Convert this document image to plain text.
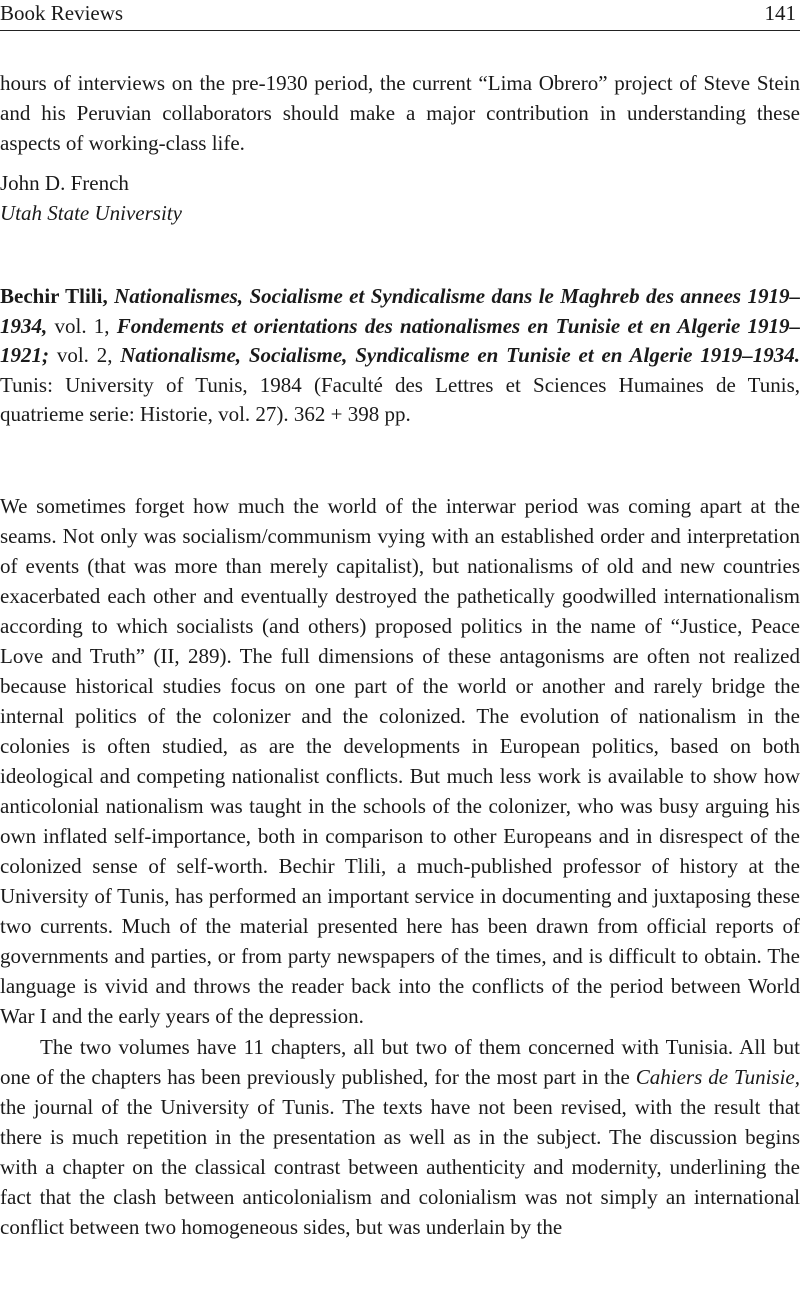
Book Reviews	141

hours of interviews on the pre-1930 period, the current “Lima Obrero” project of Steve Stein and his Peruvian collaborators should make a major contribution in understanding these aspects of working-class life.

John D. French
Utah State University

Bechir Tlili, Nationalismes, Socialisme et Syndicalisme dans le Maghreb des annees 1919–1934, vol. 1, Fondements et orientations des nationalismes en Tunisie et en Algerie 1919–1921; vol. 2, Nationalisme, Socialisme, Syndicalisme en Tunisie et en Algerie 1919–1934. Tunis: University of Tunis, 1984 (Faculté des Lettres et Sciences Humaines de Tunis, quatrieme serie: Historie, vol. 27). 362 + 398 pp.

We sometimes forget how much the world of the interwar period was coming apart at the seams. Not only was socialism/communism vying with an established order and interpretation of events (that was more than merely capitalist), but nationalisms of old and new countries exacerbated each other and eventually destroyed the pathetically goodwilled internationalism according to which socialists (and others) proposed politics in the name of “Justice, Peace Love and Truth” (II, 289). The full dimensions of these antagonisms are often not realized because historical studies focus on one part of the world or another and rarely bridge the internal politics of the colonizer and the colonized. The evolution of nationalism in the colonies is often studied, as are the developments in European politics, based on both ideological and competing nationalist conflicts. But much less work is available to show how anticolonial nationalism was taught in the schools of the colonizer, who was busy arguing his own inflated self-importance, both in comparison to other Europeans and in disrespect of the colonized sense of self-worth. Bechir Tlili, a much-published professor of history at the University of Tunis, has performed an important service in documenting and juxtaposing these two currents. Much of the material presented here has been drawn from official reports of governments and parties, or from party newspapers of the times, and is difficult to obtain. The language is vivid and throws the reader back into the conflicts of the period between World War I and the early years of the depression.

The two volumes have 11 chapters, all but two of them concerned with Tunisia. All but one of the chapters has been previously published, for the most part in the Cahiers de Tunisie, the journal of the University of Tunis. The texts have not been revised, with the result that there is much repetition in the presentation as well as in the subject. The discussion begins with a chapter on the classical contrast between authenticity and modernity, underlining the fact that the clash between anticolonialism and colonialism was not simply an international conflict between two homogeneous sides, but was underlain by the
